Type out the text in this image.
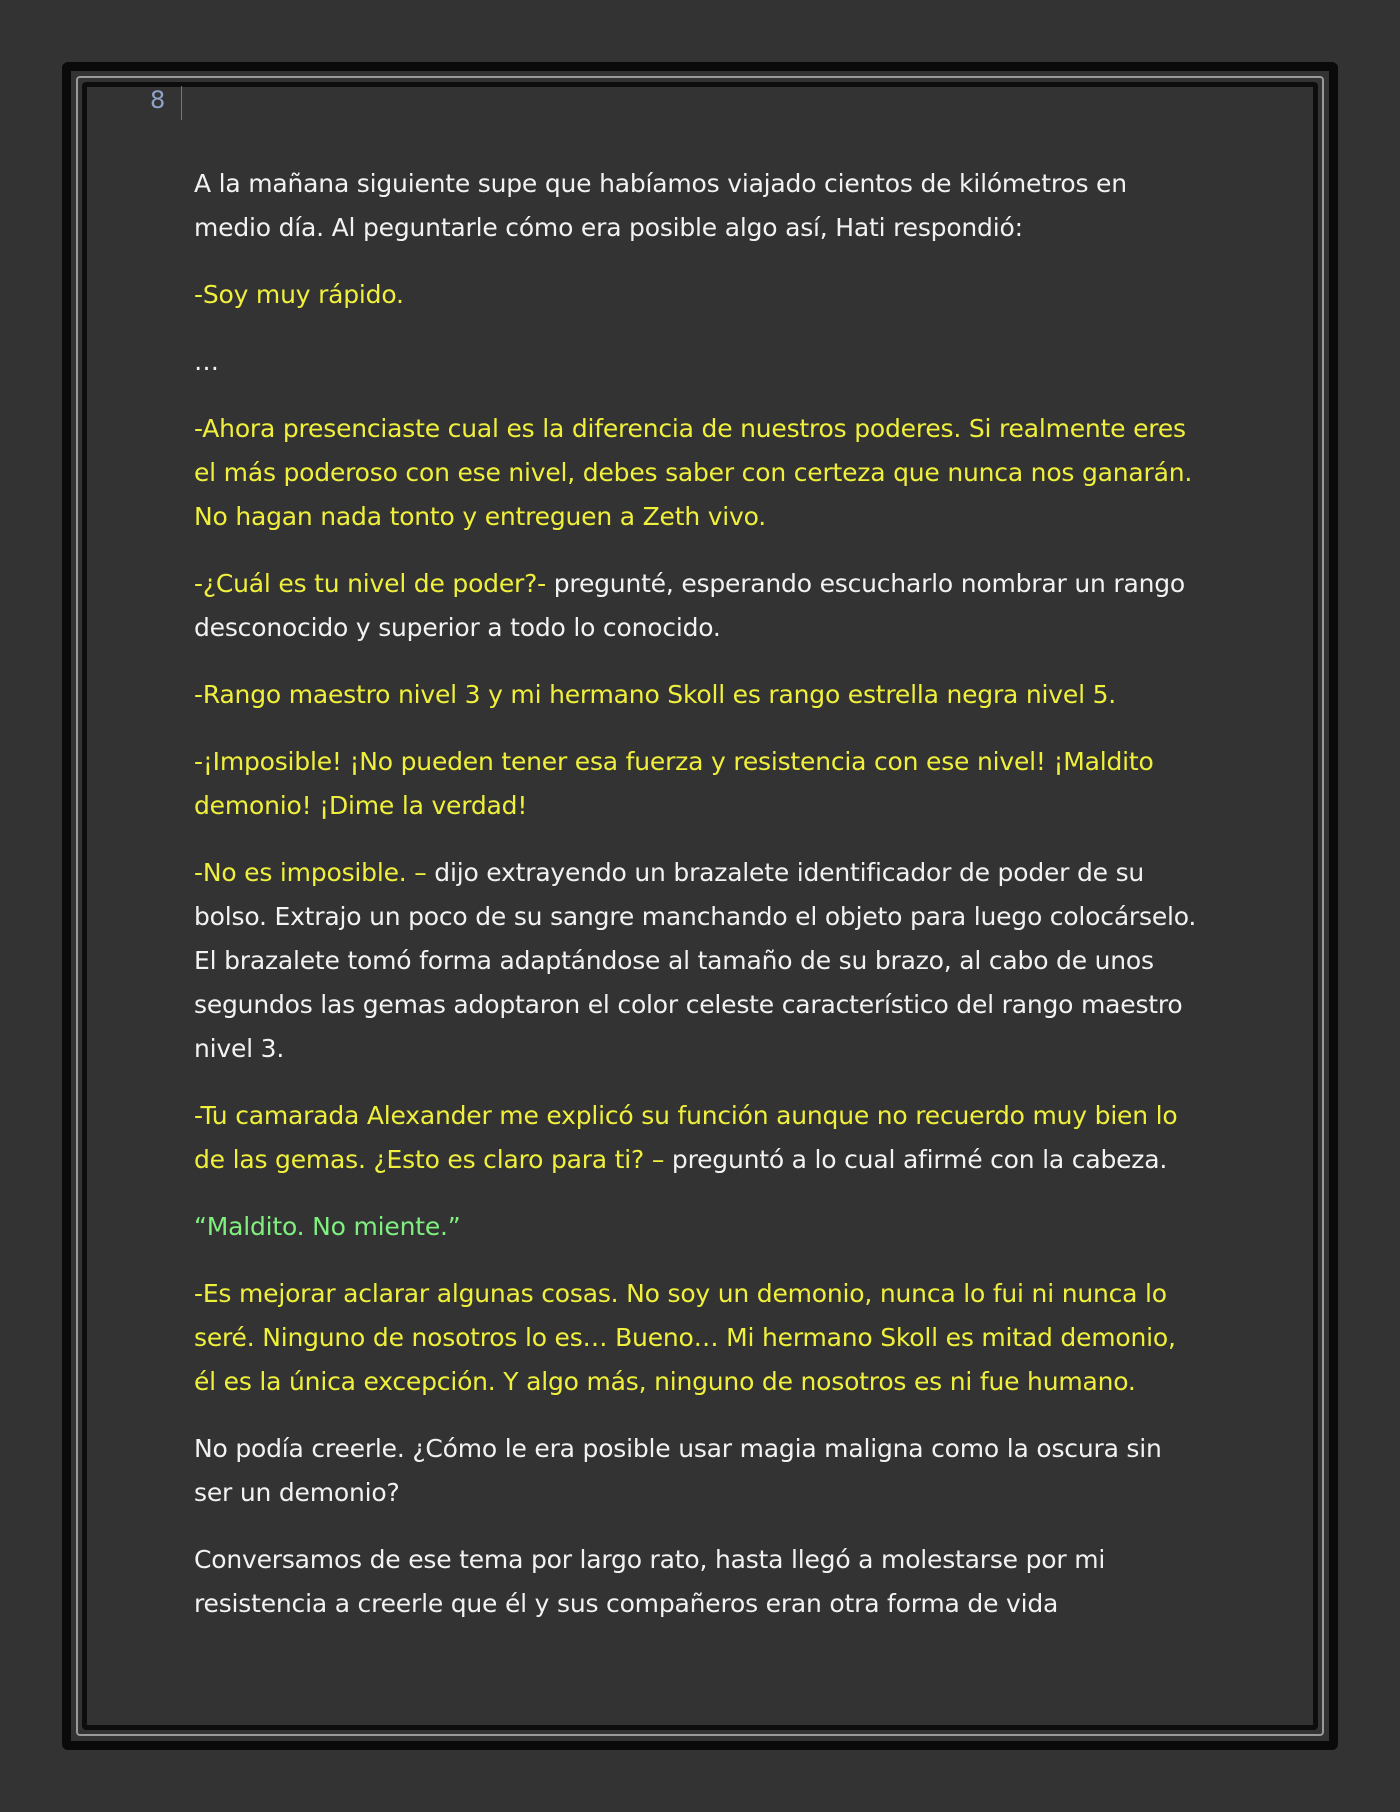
8

A la mañana siguiente supe que habíamos viajado cientos de kilómetros en medio día. Al peguntarle cómo era posible algo así, Hati respondió:

-Soy muy rápido.

…

-Ahora presenciaste cual es la diferencia de nuestros poderes. Si realmente eres el más poderoso con ese nivel, debes saber con certeza que nunca nos ganarán. No hagan nada tonto y entreguen a Zeth vivo.

-¿Cuál es tu nivel de poder?- pregunté, esperando escucharlo nombrar un rango desconocido y superior a todo lo conocido.

-Rango maestro nivel 3 y mi hermano Skoll es rango estrella negra nivel 5.

-¡Imposible! ¡No pueden tener esa fuerza y resistencia con ese nivel! ¡Maldito demonio! ¡Dime la verdad!

-No es imposible. – dijo extrayendo un brazalete identificador de poder de su bolso. Extrajo un poco de su sangre manchando el objeto para luego colocárselo. El brazalete tomó forma adaptándose al tamaño de su brazo, al cabo de unos segundos las gemas adoptaron el color celeste característico del rango maestro nivel 3.

-Tu camarada Alexander me explicó su función aunque no recuerdo muy bien lo de las gemas. ¿Esto es claro para ti? – preguntó a lo cual afirmé con la cabeza.

“Maldito. No miente.”

-Es mejorar aclarar algunas cosas. No soy un demonio, nunca lo fui ni nunca lo seré. Ninguno de nosotros lo es… Bueno… Mi hermano Skoll es mitad demonio, él es la única excepción. Y algo más, ninguno de nosotros es ni fue humano.

No podía creerle. ¿Cómo le era posible usar magia maligna como la oscura sin ser un demonio?

Conversamos de ese tema por largo rato, hasta llegó a molestarse por mi resistencia a creerle que él y sus compañeros eran otra forma de vida
